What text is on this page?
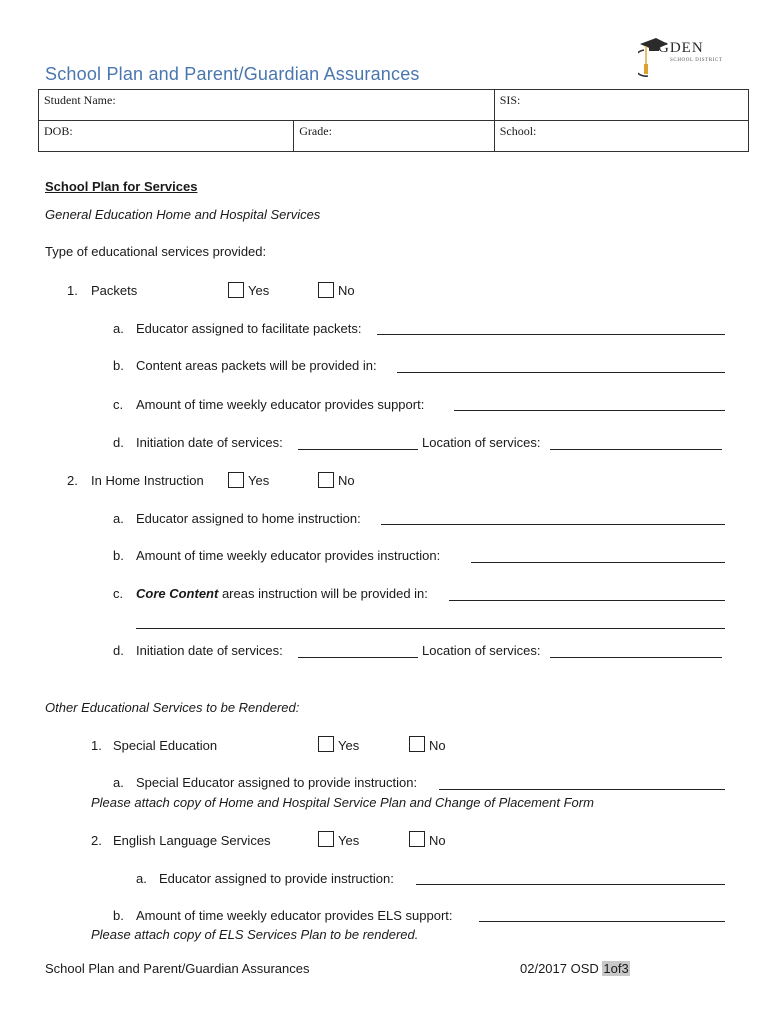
School Plan and Parent/Guardian Assurances
GDEN
SCHOOL DISTRICT
Student Name:		SIS:
DOB:	Grade:	School:
School Plan for Services
General Education Home and Hospital Services
Type of educational services provided:
1. Packets	Yes	No
a. Educator assigned to facilitate packets:
b. Content areas packets will be provided in:
c. Amount of time weekly educator provides support:
d. Initiation date of services:	Location of services:
2. In Home Instruction	Yes	No
a. Educator assigned to home instruction:
b. Amount of time weekly educator provides instruction:
c. Core Content areas instruction will be provided in:
d. Initiation date of services:	Location of services:
Other Educational Services to be Rendered:
1. Special Education	Yes	No
a. Special Educator assigned to provide instruction:
Please attach copy of Home and Hospital Service Plan and Change of Placement Form
2. English Language Services	Yes	No
a. Educator assigned to provide instruction:
b. Amount of time weekly educator provides ELS support:
Please attach copy of ELS Services Plan to be rendered.
School Plan and Parent/Guardian Assurances	02/2017 OSD 1of3
